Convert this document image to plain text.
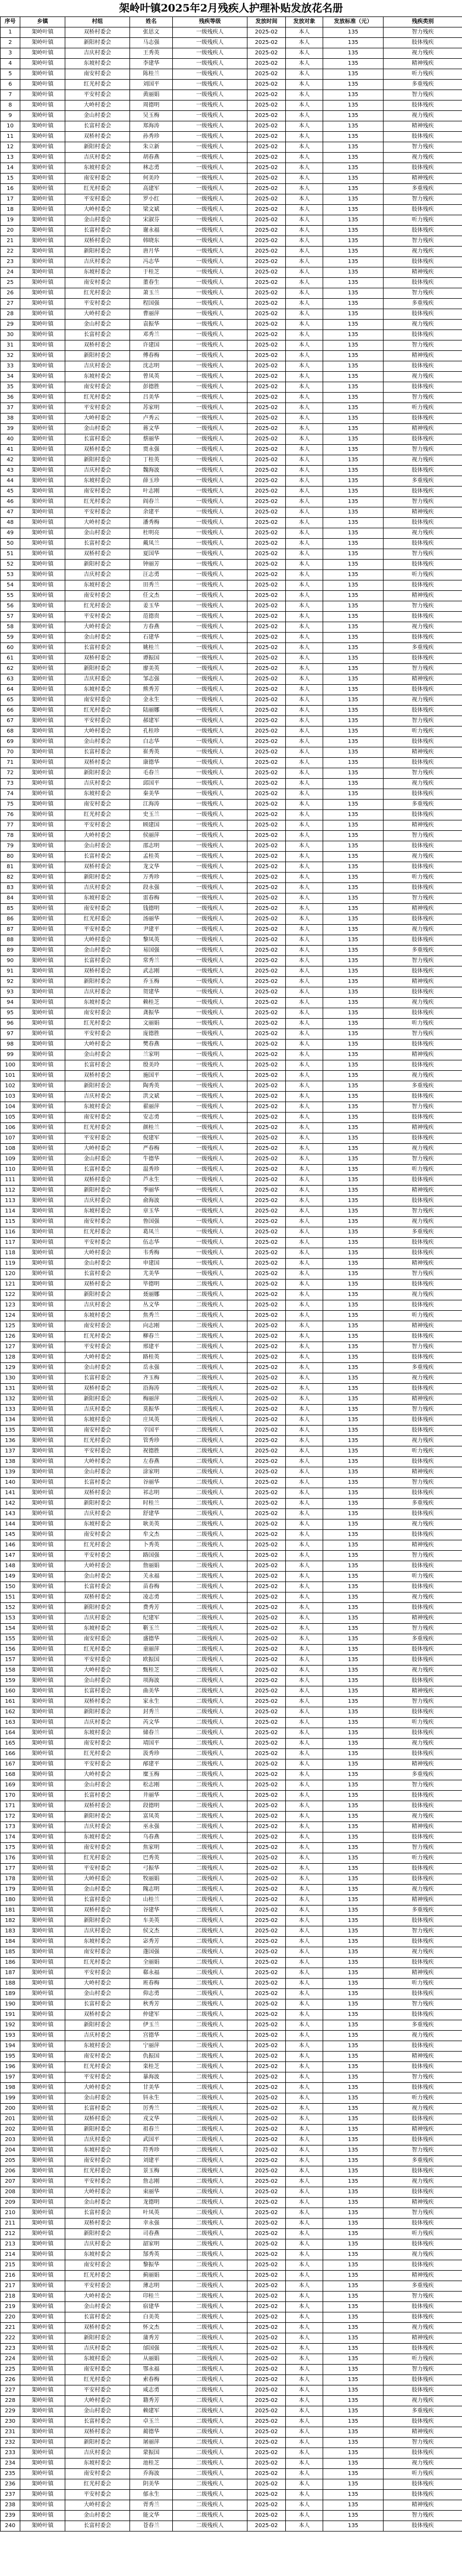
架岭叶镇2025年2月残疾人护理补贴发放花名册
序号	乡镇	村组	姓名	残疾等级	发放时间	发放对象	发放标准（元）	残疾类别
1	架岭叶镇	双桥村委会	张思文	一级残疾人	2025-02	本人	135	智力残疾
2	架岭叶镇	新阳村委会	马志强	一级残疾人	2025-02	本人	135	肢体残疾
3	架岭叶镇	吉庆村委会	王秀英	一级残疾人	2025-02	本人	135	视力残疾
4	架岭叶镇	东坡村委会	李建华	一级残疾人	2025-02	本人	135	精神残疾
5	架岭叶镇	南安村委会	陈桂兰	一级残疾人	2025-02	本人	135	听力残疾
6	架岭叶镇	红光村委会	刘国平	一级残疾人	2025-02	本人	135	多重残疾
7	架岭叶镇	平安村委会	黄丽娟	一级残疾人	2025-02	本人	135	智力残疾
8	架岭叶镇	大岭村委会	周德明	一级残疾人	2025-02	本人	135	肢体残疾
9	架岭叶镇	金山村委会	吴玉梅	一级残疾人	2025-02	本人	135	视力残疾
10	架岭叶镇	长富村委会	郑海涛	一级残疾人	2025-02	本人	135	精神残疾
11	架岭叶镇	双桥村委会	孙秀珍	一级残疾人	2025-02	本人	135	肢体残疾
12	架岭叶镇	新阳村委会	朱立新	一级残疾人	2025-02	本人	135	智力残疾
13	架岭叶镇	吉庆村委会	胡春燕	一级残疾人	2025-02	本人	135	视力残疾
14	架岭叶镇	东坡村委会	林志勇	一级残疾人	2025-02	本人	135	肢体残疾
15	架岭叶镇	南安村委会	何美玲	一级残疾人	2025-02	本人	135	精神残疾
16	架岭叶镇	红光村委会	高建军	一级残疾人	2025-02	本人	135	多重残疾
17	架岭叶镇	平安村委会	罗小红	一级残疾人	2025-02	本人	135	智力残疾
18	架岭叶镇	大岭村委会	梁文斌	一级残疾人	2025-02	本人	135	肢体残疾
19	架岭叶镇	金山村委会	宋淑芬	一级残疾人	2025-02	本人	135	听力残疾
20	架岭叶镇	长富村委会	谢永福	一级残疾人	2025-02	本人	135	肢体残疾
21	架岭叶镇	双桥村委会	韩晓东	一级残疾人	2025-02	本人	135	智力残疾
22	架岭叶镇	新阳村委会	唐月华	一级残疾人	2025-02	本人	135	视力残疾
23	架岭叶镇	吉庆村委会	冯志华	一级残疾人	2025-02	本人	135	肢体残疾
24	架岭叶镇	东坡村委会	于桂芝	一级残疾人	2025-02	本人	135	精神残疾
25	架岭叶镇	南安村委会	董春生	一级残疾人	2025-02	本人	135	肢体残疾
26	架岭叶镇	红光村委会	萧玉兰	一级残疾人	2025-02	本人	135	智力残疾
27	架岭叶镇	平安村委会	程国强	一级残疾人	2025-02	本人	135	多重残疾
28	架岭叶镇	大岭村委会	曹丽萍	一级残疾人	2025-02	本人	135	肢体残疾
29	架岭叶镇	金山村委会	袁振华	一级残疾人	2025-02	本人	135	视力残疾
30	架岭叶镇	长富村委会	邓秀兰	一级残疾人	2025-02	本人	135	肢体残疾
31	架岭叶镇	双桥村委会	许建国	一级残疾人	2025-02	本人	135	智力残疾
32	架岭叶镇	新阳村委会	傅春梅	一级残疾人	2025-02	本人	135	精神残疾
33	架岭叶镇	吉庆村委会	沈志明	一级残疾人	2025-02	本人	135	肢体残疾
34	架岭叶镇	东坡村委会	曾凤英	一级残疾人	2025-02	本人	135	视力残疾
35	架岭叶镇	南安村委会	彭德胜	一级残疾人	2025-02	本人	135	肢体残疾
36	架岭叶镇	红光村委会	吕美华	一级残疾人	2025-02	本人	135	智力残疾
37	架岭叶镇	平安村委会	苏家明	一级残疾人	2025-02	本人	135	听力残疾
38	架岭叶镇	大岭村委会	卢秀云	一级残疾人	2025-02	本人	135	肢体残疾
39	架岭叶镇	金山村委会	蒋文华	一级残疾人	2025-02	本人	135	精神残疾
40	架岭叶镇	长富村委会	蔡丽华	一级残疾人	2025-02	本人	135	肢体残疾
41	架岭叶镇	双桥村委会	贾永强	一级残疾人	2025-02	本人	135	智力残疾
42	架岭叶镇	新阳村委会	丁桂英	一级残疾人	2025-02	本人	135	视力残疾
43	架岭叶镇	吉庆村委会	魏海波	一级残疾人	2025-02	本人	135	肢体残疾
44	架岭叶镇	东坡村委会	薛玉珍	一级残疾人	2025-02	本人	135	多重残疾
45	架岭叶镇	南安村委会	叶志刚	一级残疾人	2025-02	本人	135	肢体残疾
46	架岭叶镇	红光村委会	阎春兰	一级残疾人	2025-02	本人	135	智力残疾
47	架岭叶镇	平安村委会	余建平	一级残疾人	2025-02	本人	135	精神残疾
48	架岭叶镇	大岭村委会	潘秀梅	一级残疾人	2025-02	本人	135	肢体残疾
49	架岭叶镇	金山村委会	杜明亮	一级残疾人	2025-02	本人	135	视力残疾
50	架岭叶镇	长富村委会	戴凤兰	一级残疾人	2025-02	本人	135	肢体残疾
51	架岭叶镇	双桥村委会	夏国华	一级残疾人	2025-02	本人	135	智力残疾
52	架岭叶镇	新阳村委会	钟丽芳	一级残疾人	2025-02	本人	135	肢体残疾
53	架岭叶镇	吉庆村委会	汪志勇	一级残疾人	2025-02	本人	135	听力残疾
54	架岭叶镇	东坡村委会	田秀兰	一级残疾人	2025-02	本人	135	肢体残疾
55	架岭叶镇	南安村委会	任文杰	一级残疾人	2025-02	本人	135	精神残疾
56	架岭叶镇	红光村委会	姜玉华	一级残疾人	2025-02	本人	135	智力残疾
57	架岭叶镇	平安村委会	范德贵	一级残疾人	2025-02	本人	135	肢体残疾
58	架岭叶镇	大岭村委会	方春燕	一级残疾人	2025-02	本人	135	视力残疾
59	架岭叶镇	金山村委会	石建华	一级残疾人	2025-02	本人	135	肢体残疾
60	架岭叶镇	长富村委会	姚桂兰	一级残疾人	2025-02	本人	135	多重残疾
61	架岭叶镇	双桥村委会	谭振国	一级残疾人	2025-02	本人	135	肢体残疾
62	架岭叶镇	新阳村委会	廖美英	一级残疾人	2025-02	本人	135	智力残疾
63	架岭叶镇	吉庆村委会	邹志强	一级残疾人	2025-02	本人	135	精神残疾
64	架岭叶镇	东坡村委会	熊秀芳	一级残疾人	2025-02	本人	135	肢体残疾
65	架岭叶镇	南安村委会	金永生	一级残疾人	2025-02	本人	135	视力残疾
66	架岭叶镇	红光村委会	陆丽娜	一级残疾人	2025-02	本人	135	肢体残疾
67	架岭叶镇	平安村委会	郝建军	一级残疾人	2025-02	本人	135	智力残疾
68	架岭叶镇	大岭村委会	孔桂珍	一级残疾人	2025-02	本人	135	听力残疾
69	架岭叶镇	金山村委会	白志华	一级残疾人	2025-02	本人	135	肢体残疾
70	架岭叶镇	长富村委会	崔秀英	一级残疾人	2025-02	本人	135	精神残疾
71	架岭叶镇	双桥村委会	康德华	一级残疾人	2025-02	本人	135	肢体残疾
72	架岭叶镇	新阳村委会	毛春兰	一级残疾人	2025-02	本人	135	智力残疾
73	架岭叶镇	吉庆村委会	邱国平	一级残疾人	2025-02	本人	135	视力残疾
74	架岭叶镇	东坡村委会	秦美华	一级残疾人	2025-02	本人	135	肢体残疾
75	架岭叶镇	南安村委会	江海涛	一级残疾人	2025-02	本人	135	多重残疾
76	架岭叶镇	红光村委会	史玉兰	一级残疾人	2025-02	本人	135	肢体残疾
77	架岭叶镇	平安村委会	顾建国	一级残疾人	2025-02	本人	135	精神残疾
78	架岭叶镇	大岭村委会	侯丽萍	一级残疾人	2025-02	本人	135	智力残疾
79	架岭叶镇	金山村委会	邵志明	一级残疾人	2025-02	本人	135	肢体残疾
80	架岭叶镇	长富村委会	孟桂英	一级残疾人	2025-02	本人	135	视力残疾
81	架岭叶镇	双桥村委会	龙文华	一级残疾人	2025-02	本人	135	肢体残疾
82	架岭叶镇	新阳村委会	万秀珍	一级残疾人	2025-02	本人	135	听力残疾
83	架岭叶镇	吉庆村委会	段永强	一级残疾人	2025-02	本人	135	肢体残疾
84	架岭叶镇	东坡村委会	雷春梅	一级残疾人	2025-02	本人	135	智力残疾
85	架岭叶镇	南安村委会	钱德明	一级残疾人	2025-02	本人	135	精神残疾
86	架岭叶镇	红光村委会	汤丽华	一级残疾人	2025-02	本人	135	肢体残疾
87	架岭叶镇	平安村委会	尹建平	一级残疾人	2025-02	本人	135	视力残疾
88	架岭叶镇	大岭村委会	黎凤英	一级残疾人	2025-02	本人	135	肢体残疾
89	架岭叶镇	金山村委会	易国强	一级残疾人	2025-02	本人	135	多重残疾
90	架岭叶镇	长富村委会	常秀兰	一级残疾人	2025-02	本人	135	智力残疾
91	架岭叶镇	双桥村委会	武志刚	一级残疾人	2025-02	本人	135	肢体残疾
92	架岭叶镇	新阳村委会	乔玉梅	一级残疾人	2025-02	本人	135	精神残疾
93	架岭叶镇	吉庆村委会	贺建华	一级残疾人	2025-02	本人	135	肢体残疾
94	架岭叶镇	东坡村委会	赖桂芝	一级残疾人	2025-02	本人	135	视力残疾
95	架岭叶镇	南安村委会	龚振华	一级残疾人	2025-02	本人	135	肢体残疾
96	架岭叶镇	红光村委会	文丽娟	一级残疾人	2025-02	本人	135	听力残疾
97	架岭叶镇	平安村委会	庞德胜	一级残疾人	2025-02	本人	135	智力残疾
98	架岭叶镇	大岭村委会	樊春燕	一级残疾人	2025-02	本人	135	肢体残疾
99	架岭叶镇	金山村委会	兰家明	一级残疾人	2025-02	本人	135	精神残疾
100	架岭叶镇	长富村委会	殷美玲	一级残疾人	2025-02	本人	135	肢体残疾
101	架岭叶镇	双桥村委会	施国平	一级残疾人	2025-02	本人	135	视力残疾
102	架岭叶镇	新阳村委会	陶秀英	一级残疾人	2025-02	本人	135	多重残疾
103	架岭叶镇	吉庆村委会	洪文斌	一级残疾人	2025-02	本人	135	肢体残疾
104	架岭叶镇	东坡村委会	翟丽萍	一级残疾人	2025-02	本人	135	智力残疾
105	架岭叶镇	南安村委会	安志勇	一级残疾人	2025-02	本人	135	肢体残疾
106	架岭叶镇	红光村委会	颜桂兰	一级残疾人	2025-02	本人	135	精神残疾
107	架岭叶镇	平安村委会	倪建军	一级残疾人	2025-02	本人	135	肢体残疾
108	架岭叶镇	大岭村委会	严春梅	一级残疾人	2025-02	本人	135	视力残疾
109	架岭叶镇	金山村委会	牛德华	一级残疾人	2025-02	本人	135	智力残疾
110	架岭叶镇	长富村委会	温秀珍	一级残疾人	2025-02	本人	135	听力残疾
111	架岭叶镇	双桥村委会	芦永生	一级残疾人	2025-02	本人	135	肢体残疾
112	架岭叶镇	新阳村委会	季丽华	一级残疾人	2025-02	本人	135	精神残疾
113	架岭叶镇	吉庆村委会	俞海波	一级残疾人	2025-02	本人	135	肢体残疾
114	架岭叶镇	东坡村委会	章玉华	一级残疾人	2025-02	本人	135	智力残疾
115	架岭叶镇	南安村委会	鲁国强	一级残疾人	2025-02	本人	135	视力残疾
116	架岭叶镇	红光村委会	葛凤兰	一级残疾人	2025-02	本人	135	多重残疾
117	架岭叶镇	平安村委会	伍志华	一级残疾人	2025-02	本人	135	肢体残疾
118	架岭叶镇	大岭村委会	韦秀梅	一级残疾人	2025-02	本人	135	肢体残疾
119	架岭叶镇	金山村委会	申建国	一级残疾人	2025-02	本人	135	精神残疾
120	架岭叶镇	长富村委会	尤美华	一级残疾人	2025-02	本人	135	智力残疾
121	架岭叶镇	双桥村委会	毕德明	二级残疾人	2025-02	本人	135	肢体残疾
122	架岭叶镇	新阳村委会	聂丽娜	二级残疾人	2025-02	本人	135	视力残疾
123	架岭叶镇	吉庆村委会	丛文华	二级残疾人	2025-02	本人	135	肢体残疾
124	架岭叶镇	东坡村委会	焦秀兰	二级残疾人	2025-02	本人	135	听力残疾
125	架岭叶镇	南安村委会	向志刚	二级残疾人	2025-02	本人	135	精神残疾
126	架岭叶镇	红光村委会	柳春兰	二级残疾人	2025-02	本人	135	肢体残疾
127	架岭叶镇	平安村委会	邢建平	二级残疾人	2025-02	本人	135	智力残疾
128	架岭叶镇	大岭村委会	路桂英	二级残疾人	2025-02	本人	135	肢体残疾
129	架岭叶镇	金山村委会	岳永强	二级残疾人	2025-02	本人	135	多重残疾
130	架岭叶镇	长富村委会	齐玉梅	二级残疾人	2025-02	本人	135	视力残疾
131	架岭叶镇	双桥村委会	沿海涛	二级残疾人	2025-02	本人	135	肢体残疾
132	架岭叶镇	新阳村委会	梅丽萍	二级残疾人	2025-02	本人	135	精神残疾
133	架岭叶镇	吉庆村委会	莫振华	二级残疾人	2025-02	本人	135	智力残疾
134	架岭叶镇	东坡村委会	庄凤英	二级残疾人	2025-02	本人	135	肢体残疾
135	架岭叶镇	南安村委会	辛国平	二级残疾人	2025-02	本人	135	肢体残疾
136	架岭叶镇	红光村委会	管秀珍	二级残疾人	2025-02	本人	135	视力残疾
137	架岭叶镇	平安村委会	祝德胜	二级残疾人	2025-02	本人	135	听力残疾
138	架岭叶镇	大岭村委会	左春燕	二级残疾人	2025-02	本人	135	肢体残疾
139	架岭叶镇	金山村委会	涂家明	二级残疾人	2025-02	本人	135	精神残疾
140	架岭叶镇	长富村委会	谷丽华	二级残疾人	2025-02	本人	135	智力残疾
141	架岭叶镇	双桥村委会	祁志明	二级残疾人	2025-02	本人	135	肢体残疾
142	架岭叶镇	新阳村委会	时桂兰	二级残疾人	2025-02	本人	135	多重残疾
143	架岭叶镇	吉庆村委会	舒建华	二级残疾人	2025-02	本人	135	肢体残疾
144	架岭叶镇	东坡村委会	耿美英	二级残疾人	2025-02	本人	135	视力残疾
145	架岭叶镇	南安村委会	牟文杰	二级残疾人	2025-02	本人	135	肢体残疾
146	架岭叶镇	红光村委会	卜秀英	二级残疾人	2025-02	本人	135	精神残疾
147	架岭叶镇	平安村委会	路国强	二级残疾人	2025-02	本人	135	智力残疾
148	架岭叶镇	大岭村委会	詹丽娟	二级残疾人	2025-02	本人	135	肢体残疾
149	架岭叶镇	金山村委会	关永福	二级残疾人	2025-02	本人	135	听力残疾
150	架岭叶镇	长富村委会	苗春梅	二级残疾人	2025-02	本人	135	肢体残疾
151	架岭叶镇	双桥村委会	凌志勇	二级残疾人	2025-02	本人	135	视力残疾
152	架岭叶镇	新阳村委会	费秀芳	二级残疾人	2025-02	本人	135	肢体残疾
153	架岭叶镇	吉庆村委会	纪建军	二级残疾人	2025-02	本人	135	精神残疾
154	架岭叶镇	东坡村委会	靳玉兰	二级残疾人	2025-02	本人	135	智力残疾
155	架岭叶镇	南安村委会	盛德华	二级残疾人	2025-02	本人	135	多重残疾
156	架岭叶镇	红光村委会	童丽萍	二级残疾人	2025-02	本人	135	肢体残疾
157	架岭叶镇	平安村委会	欧振国	二级残疾人	2025-02	本人	135	肢体残疾
158	架岭叶镇	大岭村委会	甄桂芝	二级残疾人	2025-02	本人	135	视力残疾
159	架岭叶镇	金山村委会	项海波	二级残疾人	2025-02	本人	135	肢体残疾
160	架岭叶镇	长富村委会	曲美华	二级残疾人	2025-02	本人	135	精神残疾
161	架岭叶镇	双桥村委会	家永生	二级残疾人	2025-02	本人	135	智力残疾
162	架岭叶镇	新阳村委会	封秀兰	二级残疾人	2025-02	本人	135	肢体残疾
163	架岭叶镇	吉庆村委会	芮文华	二级残疾人	2025-02	本人	135	听力残疾
164	架岭叶镇	东坡村委会	储春兰	二级残疾人	2025-02	本人	135	肢体残疾
165	架岭叶镇	南安村委会	靖国平	二级残疾人	2025-02	本人	135	视力残疾
166	架岭叶镇	红光村委会	汲秀珍	二级残疾人	2025-02	本人	135	肢体残疾
167	架岭叶镇	平安村委会	邴建平	二级残疾人	2025-02	本人	135	精神残疾
168	架岭叶镇	大岭村委会	糜玉梅	二级残疾人	2025-02	本人	135	多重残疾
169	架岭叶镇	金山村委会	松志刚	二级残疾人	2025-02	本人	135	智力残疾
170	架岭叶镇	长富村委会	井丽华	二级残疾人	2025-02	本人	135	肢体残疾
171	架岭叶镇	双桥村委会	段德明	二级残疾人	2025-02	本人	135	肢体残疾
172	架岭叶镇	新阳村委会	富凤英	二级残疾人	2025-02	本人	135	视力残疾
173	架岭叶镇	吉庆村委会	巫永强	二级残疾人	2025-02	本人	135	精神残疾
174	架岭叶镇	东坡村委会	乌春燕	二级残疾人	2025-02	本人	135	肢体残疾
175	架岭叶镇	南安村委会	焦家明	二级残疾人	2025-02	本人	135	智力残疾
176	架岭叶镇	红光村委会	巴秀英	二级残疾人	2025-02	本人	135	听力残疾
177	架岭叶镇	平安村委会	弓振华	二级残疾人	2025-02	本人	135	肢体残疾
178	架岭叶镇	大岭村委会	牧丽娟	二级残疾人	2025-02	本人	135	肢体残疾
179	架岭叶镇	金山村委会	隗志明	二级残疾人	2025-02	本人	135	视力残疾
180	架岭叶镇	长富村委会	山桂兰	二级残疾人	2025-02	本人	135	精神残疾
181	架岭叶镇	双桥村委会	谷建华	二级残疾人	2025-02	本人	135	多重残疾
182	架岭叶镇	新阳村委会	车美英	二级残疾人	2025-02	本人	135	肢体残疾
183	架岭叶镇	吉庆村委会	侯文杰	二级残疾人	2025-02	本人	135	智力残疾
184	架岭叶镇	东坡村委会	宓秀芳	二级残疾人	2025-02	本人	135	肢体残疾
185	架岭叶镇	南安村委会	蓬国强	二级残疾人	2025-02	本人	135	视力残疾
186	架岭叶镇	红光村委会	全丽娟	二级残疾人	2025-02	本人	135	肢体残疾
187	架岭叶镇	平安村委会	郗永福	二级残疾人	2025-02	本人	135	精神残疾
188	架岭叶镇	大岭村委会	班春梅	二级残疾人	2025-02	本人	135	听力残疾
189	架岭叶镇	金山村委会	仰志勇	二级残疾人	2025-02	本人	135	肢体残疾
190	架岭叶镇	长富村委会	秋秀芳	二级残疾人	2025-02	本人	135	智力残疾
191	架岭叶镇	双桥村委会	仲建军	二级残疾人	2025-02	本人	135	肢体残疾
192	架岭叶镇	新阳村委会	伊玉兰	二级残疾人	2025-02	本人	135	多重残疾
193	架岭叶镇	吉庆村委会	宫德华	二级残疾人	2025-02	本人	135	视力残疾
194	架岭叶镇	东坡村委会	宁丽萍	二级残疾人	2025-02	本人	135	肢体残疾
195	架岭叶镇	南安村委会	仇振国	二级残疾人	2025-02	本人	135	精神残疾
196	架岭叶镇	红光村委会	栾桂芝	二级残疾人	2025-02	本人	135	肢体残疾
197	架岭叶镇	平安村委会	暴海波	二级残疾人	2025-02	本人	135	智力残疾
198	架岭叶镇	大岭村委会	甘美华	二级残疾人	2025-02	本人	135	肢体残疾
199	架岭叶镇	金山村委会	钭永生	二级残疾人	2025-02	本人	135	听力残疾
200	架岭叶镇	长富村委会	厉秀兰	二级残疾人	2025-02	本人	135	视力残疾
201	架岭叶镇	双桥村委会	戎文华	二级残疾人	2025-02	本人	135	肢体残疾
202	架岭叶镇	新阳村委会	祖春兰	二级残疾人	2025-02	本人	135	精神残疾
203	架岭叶镇	吉庆村委会	武国平	二级残疾人	2025-02	本人	135	肢体残疾
204	架岭叶镇	东坡村委会	符秀珍	二级残疾人	2025-02	本人	135	智力残疾
205	架岭叶镇	南安村委会	刘建平	二级残疾人	2025-02	本人	135	多重残疾
206	架岭叶镇	红光村委会	景玉梅	二级残疾人	2025-02	本人	135	肢体残疾
207	架岭叶镇	平安村委会	詹志刚	二级残疾人	2025-02	本人	135	视力残疾
208	架岭叶镇	大岭村委会	束丽华	二级残疾人	2025-02	本人	135	肢体残疾
209	架岭叶镇	金山村委会	龙德明	二级残疾人	2025-02	本人	135	精神残疾
210	架岭叶镇	长富村委会	叶凤英	二级残疾人	2025-02	本人	135	智力残疾
211	架岭叶镇	双桥村委会	幸永强	二级残疾人	2025-02	本人	135	肢体残疾
212	架岭叶镇	新阳村委会	司春燕	二级残疾人	2025-02	本人	135	听力残疾
213	架岭叶镇	吉庆村委会	韶家明	二级残疾人	2025-02	本人	135	肢体残疾
214	架岭叶镇	东坡村委会	郜秀英	二级残疾人	2025-02	本人	135	视力残疾
215	架岭叶镇	南安村委会	黎振华	二级残疾人	2025-02	本人	135	肢体残疾
216	架岭叶镇	红光村委会	蓟丽娟	二级残疾人	2025-02	本人	135	精神残疾
217	架岭叶镇	平安村委会	薄志明	二级残疾人	2025-02	本人	135	多重残疾
218	架岭叶镇	大岭村委会	印桂兰	二级残疾人	2025-02	本人	135	智力残疾
219	架岭叶镇	金山村委会	宿建华	二级残疾人	2025-02	本人	135	肢体残疾
220	架岭叶镇	长富村委会	白美英	二级残疾人	2025-02	本人	135	肢体残疾
221	架岭叶镇	双桥村委会	怀文杰	二级残疾人	2025-02	本人	135	视力残疾
222	架岭叶镇	新阳村委会	蒲秀芳	二级残疾人	2025-02	本人	135	精神残疾
223	架岭叶镇	吉庆村委会	邰国强	二级残疾人	2025-02	本人	135	肢体残疾
224	架岭叶镇	东坡村委会	从丽娟	二级残疾人	2025-02	本人	135	听力残疾
225	架岭叶镇	南安村委会	鄂永福	二级残疾人	2025-02	本人	135	智力残疾
226	架岭叶镇	红光村委会	索春梅	二级残疾人	2025-02	本人	135	肢体残疾
227	架岭叶镇	平安村委会	咸志勇	二级残疾人	2025-02	本人	135	肢体残疾
228	架岭叶镇	大岭村委会	籍秀芳	二级残疾人	2025-02	本人	135	视力残疾
229	架岭叶镇	金山村委会	赖建军	二级残疾人	2025-02	本人	135	多重残疾
230	架岭叶镇	长富村委会	卓玉兰	二级残疾人	2025-02	本人	135	肢体残疾
231	架岭叶镇	双桥村委会	蔺德华	二级残疾人	2025-02	本人	135	精神残疾
232	架岭叶镇	新阳村委会	屠丽萍	二级残疾人	2025-02	本人	135	智力残疾
233	架岭叶镇	吉庆村委会	蒙振国	二级残疾人	2025-02	本人	135	肢体残疾
234	架岭叶镇	东坡村委会	池桂芝	二级残疾人	2025-02	本人	135	视力残疾
235	架岭叶镇	南安村委会	乔海波	二级残疾人	2025-02	本人	135	听力残疾
236	架岭叶镇	红光村委会	阴美华	二级残疾人	2025-02	本人	135	肢体残疾
237	架岭叶镇	平安村委会	郁永生	二级残疾人	2025-02	本人	135	肢体残疾
238	架岭叶镇	大岭村委会	胥秀兰	二级残疾人	2025-02	本人	135	精神残疾
239	架岭叶镇	金山村委会	能文华	二级残疾人	2025-02	本人	135	智力残疾
240	架岭叶镇	长富村委会	苍春兰	二级残疾人	2025-02	本人	135	肢体残疾
